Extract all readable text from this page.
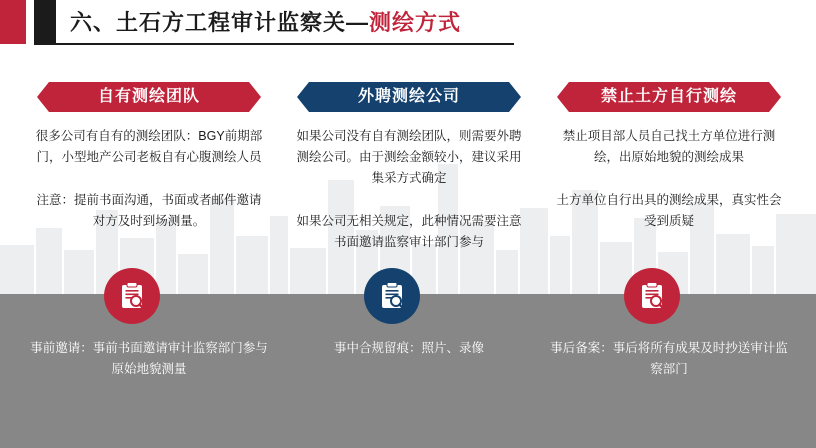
六、土石方工程审计监察关—测绘方式
自有测绘团队
很多公司有自有的测绘团队：BGY前期部门，小型地产公司老板自有心腹测绘人员
注意：提前书面沟通，书面或者邮件邀请对方及时到场测量。
外聘测绘公司
如果公司没有自有测绘团队，则需要外聘测绘公司。由于测绘金额较小，建议采用集采方式确定
如果公司无相关规定，此种情况需要注意书面邀请监察审计部门参与
禁止土方自行测绘
禁止项目部人员自己找土方单位进行测绘，出原始地貌的测绘成果
土方单位自行出具的测绘成果，真实性会受到质疑
事前邀请：事前书面邀请审计监察部门参与原始地貌测量
事中合规留痕：照片、录像	事后备案：事后将所有成果及时抄送审计监察部门
